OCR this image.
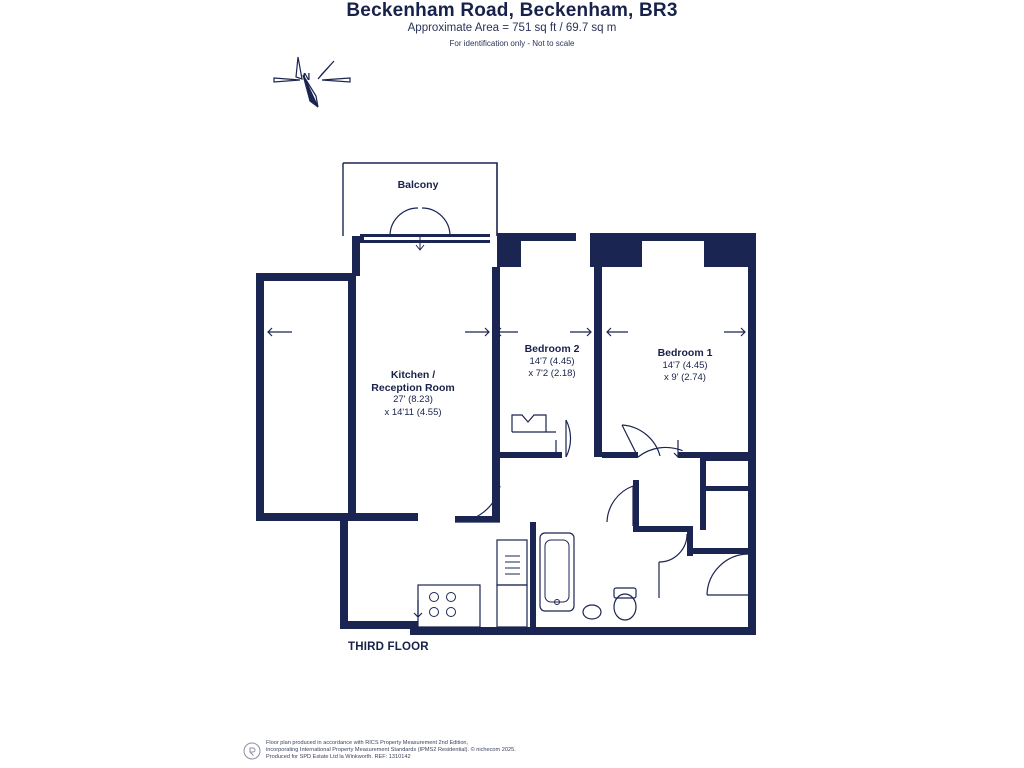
Beckenham Road, Beckenham, BR3
Approximate Area = 751 sq ft / 69.7 sq m
For identification only - Not to scale
N
Balcony
Kitchen /
Reception Room
27' (8.23)
x 14'11 (4.55)
Bedroom 2
14'7 (4.45)
x 7'2 (2.18)
Bedroom 1
14'7 (4.45)
x 9' (2.74)
THIRD FLOOR
Floor plan produced in accordance with RICS Property Measurement 2nd Edition,
incorporating International Property Measurement Standards (IPMS2 Residential). © nichecom 2025.
Produced for SPD Estate Ltd la Winkworth. REF: 1310142
